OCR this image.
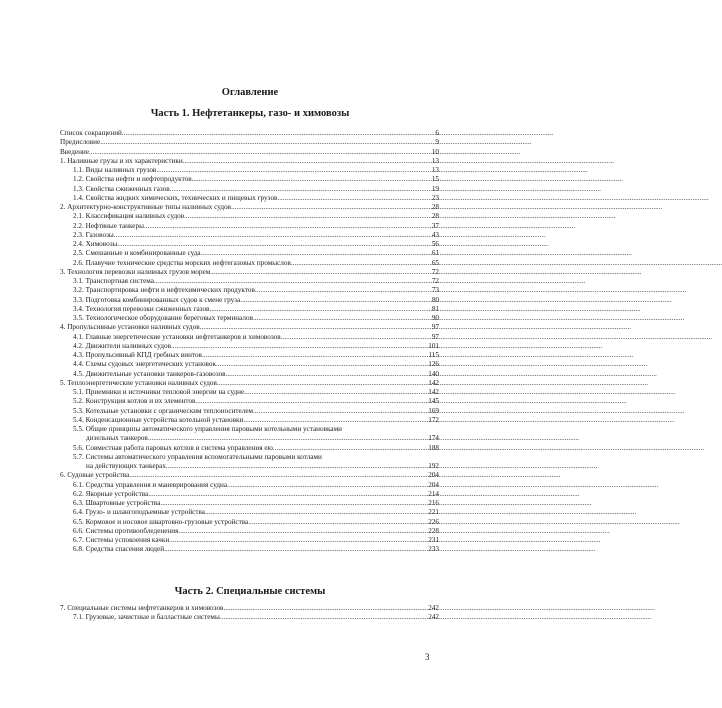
Оглавление
Часть 1. Нефтетанкеры, газо- и химовозы
Список сокращений .....	6
Предисловие .....	9
Введение .....	10
1. Наливные грузы и их характеристики .....	13
1.1. Виды наливных грузов .....	13
1.2. Свойства нефти и нефтепродуктов .....	15
1.3. Свойства сжиженных газов .....	19
1.4. Свойства жидких химических, технических и пищевых грузов .....	23
2. Архитектурно-конструктивные типы наливных судов .....	28
2.1. Классификация наливных судов .....	28
2.2. Нефтяные танкеры .....	37
2.3. Газовозы .....	43
2.4. Химовозы .....	56
2.5. Смешанные и комбинированные суда .....	61
2.6. Плавучие технические средства морских нефтегазовых промыслов .....	65
3. Технология перевозки наливных грузов морем .....	72
3.1. Транспортная система .....	72
3.2. Транспортировка нефти и нефтехимических продуктов .....	73
3.3. Подготовка комбинированных судов к смене груза .....	80
3.4. Технология перевозки сжиженных газов .....	81
3.5. Технологическое оборудование береговых терминалов .....	90
4. Пропульсивные установки наливных судов .....	97
4.1. Главные энергетические установки нефтетанкеров и химовозов .....	97
4.2. Движители наливных судов .....	101
4.3. Пропульсивный КПД гребных винтов .....	115
4.4. Схемы судовых энергетических установок .....	126
4.5. Движительные установки танкеров-газовозов .....	140
5. Теплоэнергетические установки наливных судов .....	142
5.1. Приемники и источники тепловой энергии на судне .....	142
5.2. Конструкция котлов и их элементов .....	145
5.3. Котельные установки с органическим теплоносителем .....	169
5.4. Конденсационные устройства котельной установки .....	172
5.5. Общие принципы автоматического управления паровыми котельными установками
дизельных танкеров .....	174
5.6. Совместная работа паровых котлов и система управления ею .....	188
5.7. Системы автоматического управления вспомогательными паровыми котлами
на действующих танкерах .....	192
6. Судовые устройства .....	204
6.1. Средства управления и маневрирования судна .....	204
6.2. Якорные устройства .....	214
6.3. Швартовные устройства .....	216
6.4. Грузо- и шлангоподъемные устройства .....	221
6.5. Кормовое и носовое швартовно-грузовые устройства .....	226
6.6. Системы противообледенения .....	228
6.7. Системы успокоения качки .....	231
6.8. Средства спасения людей .....	233
Часть 2. Специальные системы
7. Специальные системы нефтетанкеров и химовозов .....	242
7.1. Грузовые, зачистные и балластные системы .....	242
3
